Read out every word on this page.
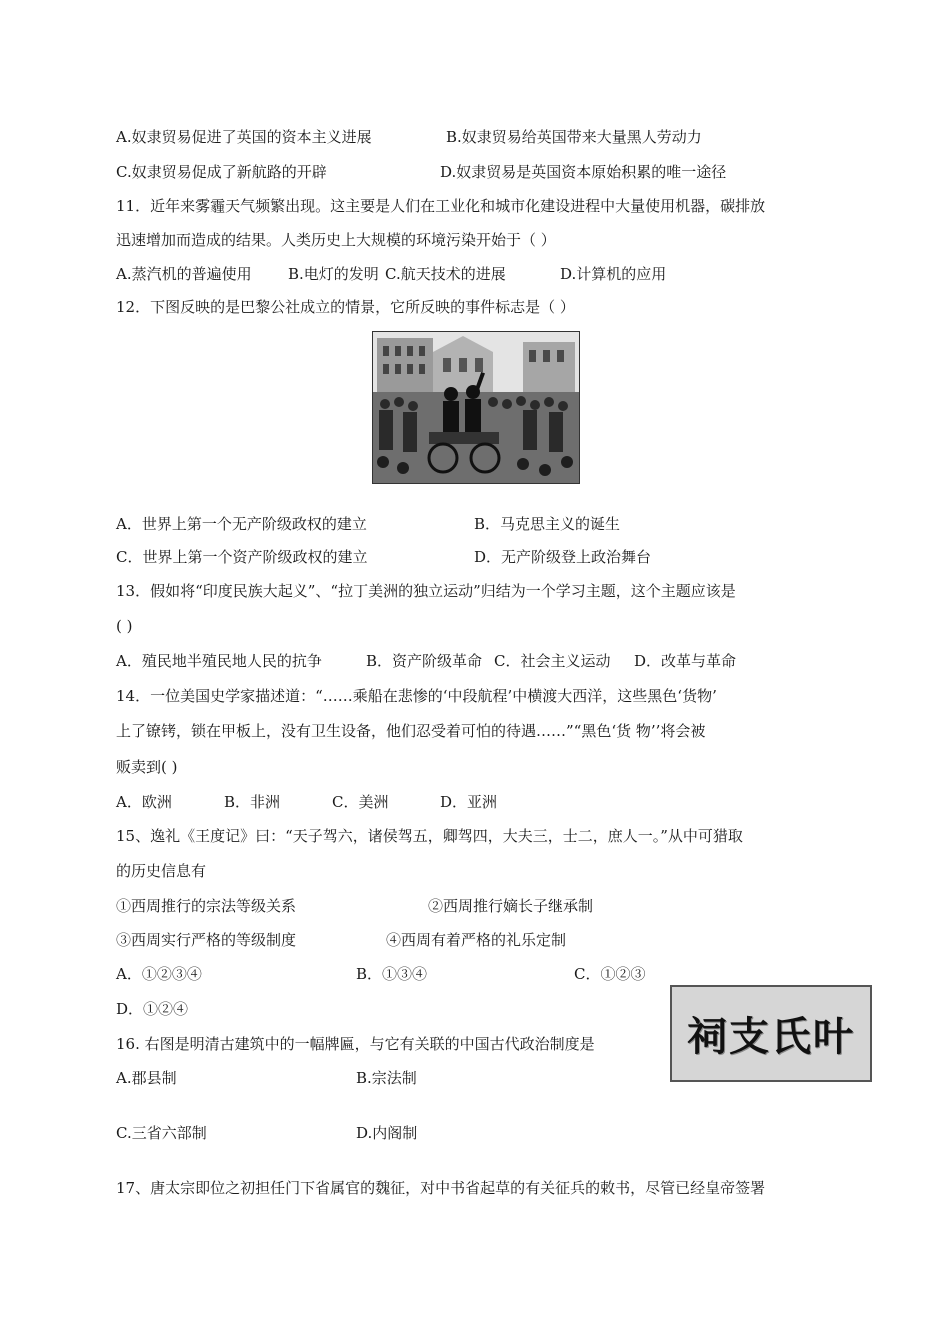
A.奴隶贸易促进了英国的资本主义进展	B.奴隶贸易给英国带来大量黑人劳动力
C.奴隶贸易促成了新航路的开辟	D.奴隶贸易是英国资本原始积累的唯一途径
11．近年来雾霾天气频繁出现。这主要是人们在工业化和城市化建设进程中大量使用机器，碳排放
迅速增加而造成的结果。人类历史上大规模的环境污染开始于（ ）
A.蒸汽机的普遍使用 B.电灯的发明 C.航天技术的进展	D.计算机的应用
12．下图反映的是巴黎公社成立的情景，它所反映的事件标志是（ ）
A．世界上第一个无产阶级政权的建立	B．马克思主义的诞生
C．世界上第一个资产阶级政权的建立	D．无产阶级登上政治舞台
13．假如将“印度民族大起义”、“拉丁美洲的独立运动”归结为一个学习主题，这个主题应该是
( )
A．殖民地半殖民地人民的抗争	B．资产阶级革命 C．社会主义运动 D．改革与革命
14．一位美国史学家描述道：“……乘船在悲惨的‘中段航程’中横渡大西洋，这些黑色‘货物’
上了镣铐，锁在甲板上，没有卫生设备，他们忍受着可怕的待遇……”“黑色‘货 物’’将会被
贩卖到( )
A．欧洲	B．非洲	C．美洲	D．亚洲
15、逸礼《王度记》曰：“天子驾六，诸侯驾五，卿驾四，大夫三，士二，庶人一。”从中可猎取
的历史信息有
①西周推行的宗法等级关系	②西周推行嫡长子继承制
③西周实行严格的等级制度	④西周有着严格的礼乐定制
A．①②③④	B．①③④	C．①②③
D．①②④
祠支氏叶
16. 右图是明清古建筑中的一幅牌匾，与它有关联的中国古代政治制度是
A.郡县制	B.宗法制
C.三省六部制	D.内阁制
17、唐太宗即位之初担任门下省属官的魏征，对中书省起草的有关征兵的敕书，尽管已经皇帝签署
